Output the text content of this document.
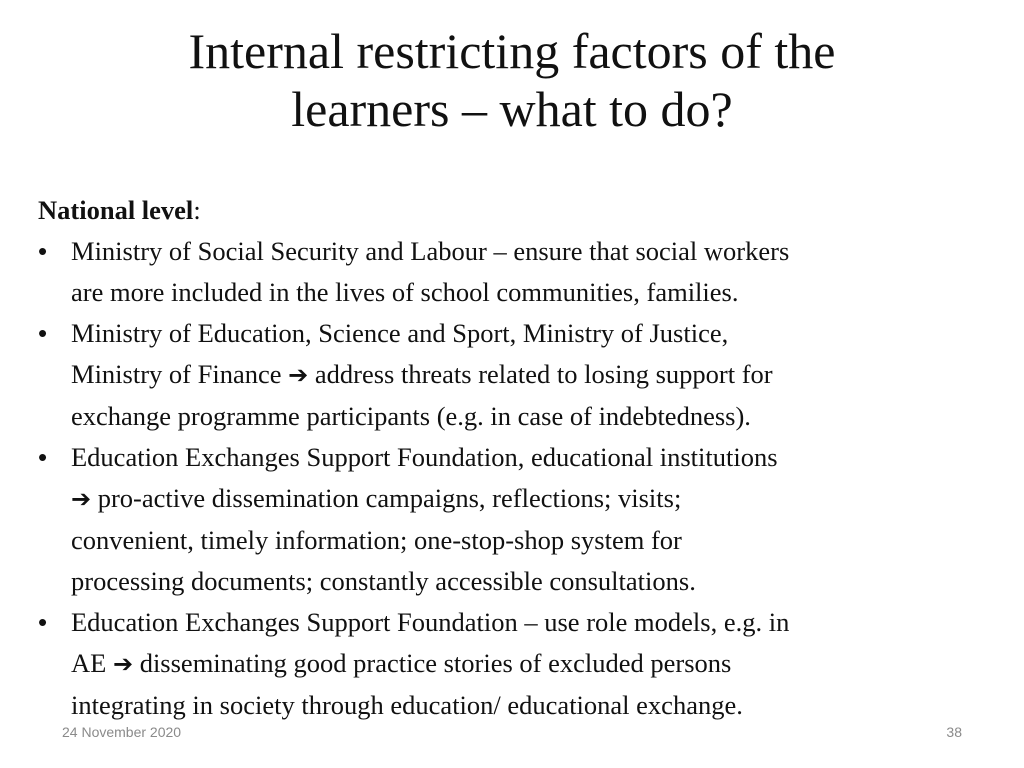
Internal restricting factors of the
learners – what to do?

National level:

• Ministry of Social Security and Labour – ensure that social workers
are more included in the lives of school communities, families.
• Ministry of Education, Science and Sport, Ministry of Justice,
Ministry of Finance ➔ address threats related to losing support for
exchange programme participants (e.g. in case of indebtedness).
• Education Exchanges Support Foundation, educational institutions
➔ pro-active dissemination campaigns, reflections; visits;
convenient, timely information; one-stop-shop system for
processing documents; constantly accessible consultations.
• Education Exchanges Support Foundation – use role models, e.g. in
AE ➔ disseminating good practice stories of excluded persons
integrating in society through education/ educational exchange.
24 November 2020	38
